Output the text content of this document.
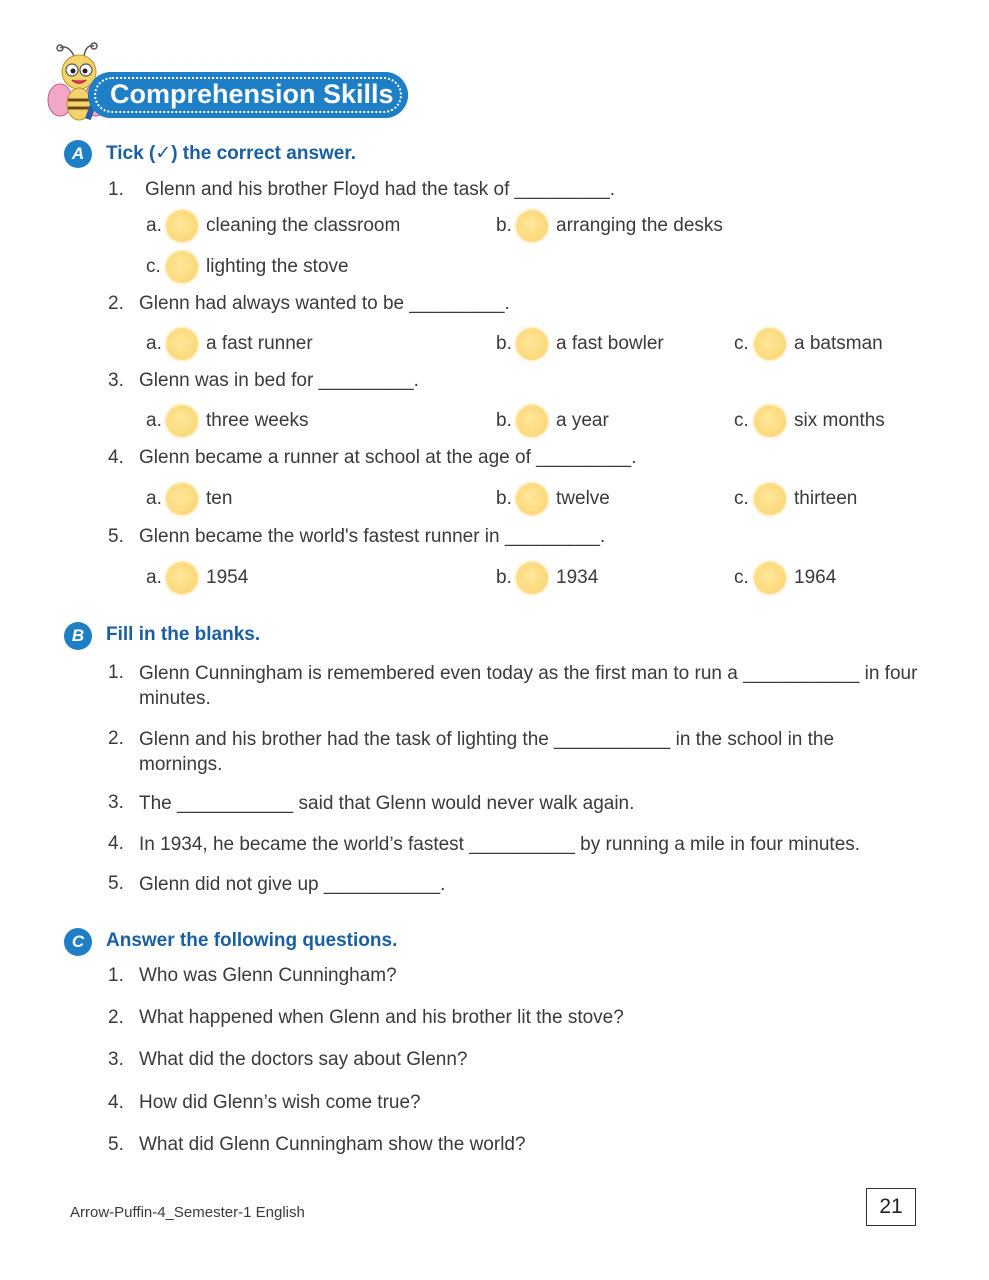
Comprehension Skills
A	Tick (✓) the correct answer.
1. Glenn and his brother Floyd had the task of _________.
a. cleaning the classroom	b. arranging the desks
c. lighting the stove
2. Glenn had always wanted to be _________.
a. a fast runner	b. a fast bowler	c. a batsman
3. Glenn was in bed for _________.
a. three weeks	b. a year	c. six months
4. Glenn became a runner at school at the age of _________.
a. ten	b. twelve	c. thirteen
5. Glenn became the world's fastest runner in _________.
a. 1954	b. 1934	c. 1964
B	Fill in the blanks.
1. Glenn Cunningham is remembered even today as the first man to run a ___________ in four minutes.
2. Glenn and his brother had the task of lighting the ___________ in the school in the mornings.
3. The ___________ said that Glenn would never walk again.
4. In 1934, he became the world’s fastest __________ by running a mile in four minutes.
5. Glenn did not give up ___________.
C	Answer the following questions.
1. Who was Glenn Cunningham?
2. What happened when Glenn and his brother lit the stove?
3. What did the doctors say about Glenn?
4. How did Glenn’s wish come true?
5. What did Glenn Cunningham show the world?
Arrow-Puffin-4_Semester-1 English	21
